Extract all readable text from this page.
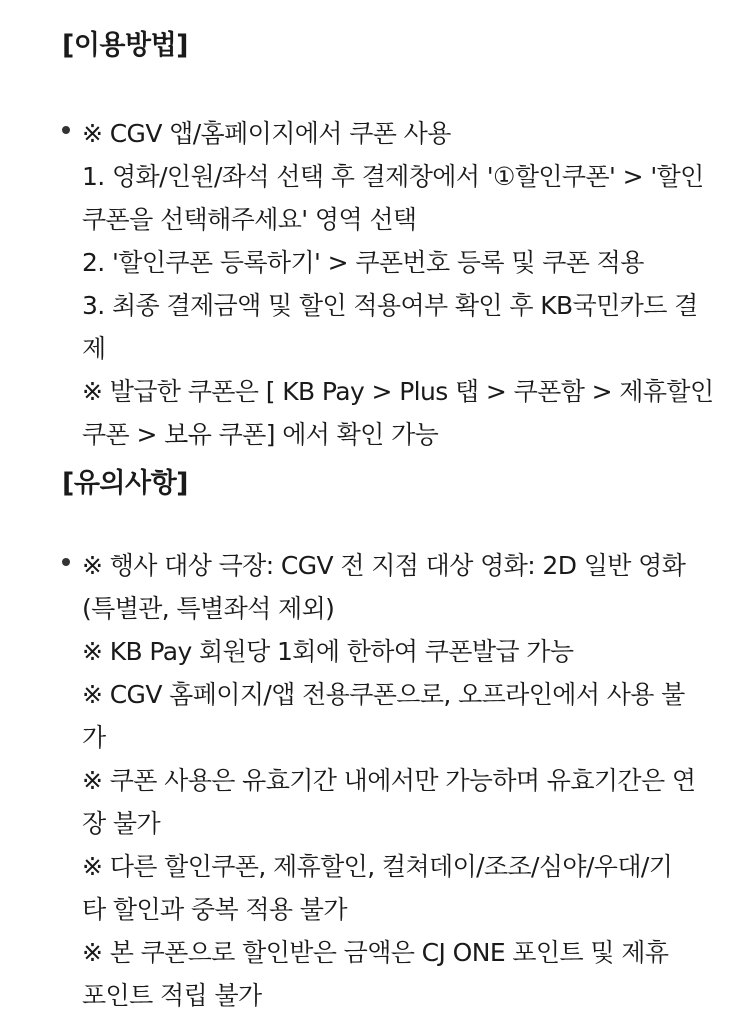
[이용방법]
※ CGV 앱/홈페이지에서 쿠폰 사용
1. 영화/인원/좌석 선택 후 결제창에서 '①할인쿠폰' > '할인
쿠폰을 선택해주세요' 영역 선택
2. '할인쿠폰 등록하기' > 쿠폰번호 등록 및 쿠폰 적용
3. 최종 결제금액 및 할인 적용여부 확인 후 KB국민카드 결
제
※ 발급한 쿠폰은 [ KB Pay > Plus 탭 > 쿠폰함 > 제휴할인
쿠폰 > 보유 쿠폰] 에서 확인 가능
[유의사항]
※ 행사 대상 극장: CGV 전 지점 대상 영화: 2D 일반 영화
(특별관, 특별좌석 제외)
※ KB Pay 회원당 1회에 한하여 쿠폰발급 가능
※ CGV 홈페이지/앱 전용쿠폰으로, 오프라인에서 사용 불
가
※ 쿠폰 사용은 유효기간 내에서만 가능하며 유효기간은 연
장 불가
※ 다른 할인쿠폰, 제휴할인, 컬쳐데이/조조/심야/우대/기
타 할인과 중복 적용 불가
※ 본 쿠폰으로 할인받은 금액은 CJ ONE 포인트 및 제휴
포인트 적립 불가
